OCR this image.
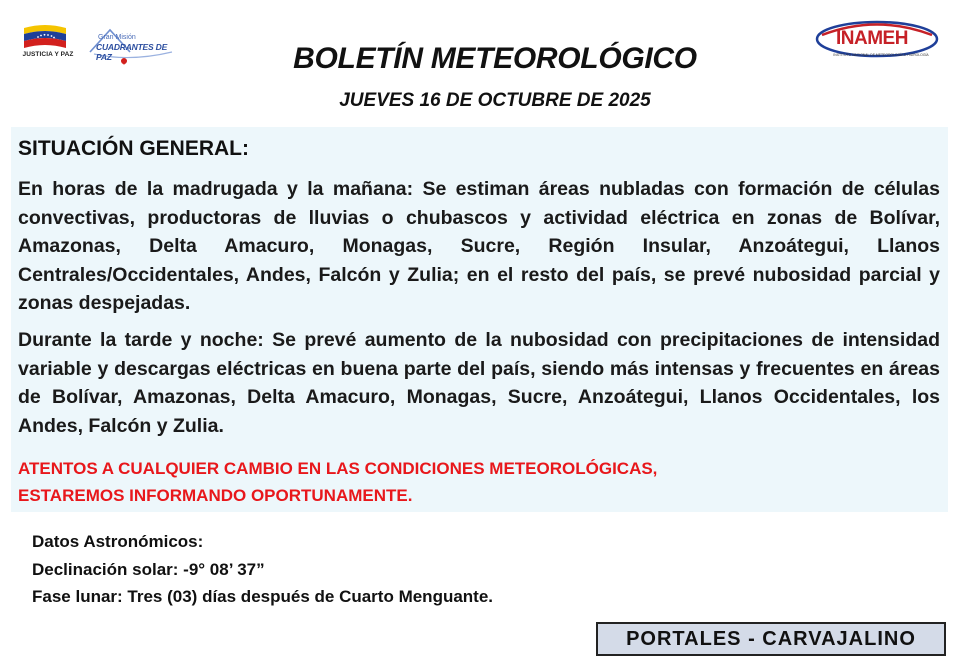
JUSTICIA Y PAZ
Gran Misión
CUADRANTES DE PAZ
INAMEH
INSTITUTO NACIONAL DE METEOROLOGÍA E HIDROLOGÍA
BOLETÍN METEOROLÓGICO
JUEVES 16 DE OCTUBRE DE 2025
SITUACIÓN GENERAL:
En horas de la madrugada y la mañana: Se estiman áreas nubladas con formación de células convectivas, productoras de lluvias o chubascos y actividad eléctrica en zonas de Bolívar, Amazonas, Delta Amacuro, Monagas, Sucre, Región Insular, Anzoátegui, Llanos Centrales/Occidentales, Andes, Falcón y Zulia; en el resto del país, se prevé nubosidad parcial y zonas despejadas.
Durante la tarde y noche: Se prevé aumento de la nubosidad con precipitaciones de intensidad variable y descargas eléctricas en buena parte del país, siendo más intensas y frecuentes en áreas de Bolívar, Amazonas, Delta Amacuro, Monagas, Sucre, Anzoátegui, Llanos Occidentales, los Andes, Falcón y Zulia.
ATENTOS A CUALQUIER CAMBIO EN LAS CONDICIONES METEOROLÓGICAS,
ESTAREMOS INFORMANDO OPORTUNAMENTE.
Datos Astronómicos:
Declinación solar: -9° 08’ 37”
Fase lunar: Tres (03) días después de Cuarto Menguante.
PORTALES - CARVAJALINO
